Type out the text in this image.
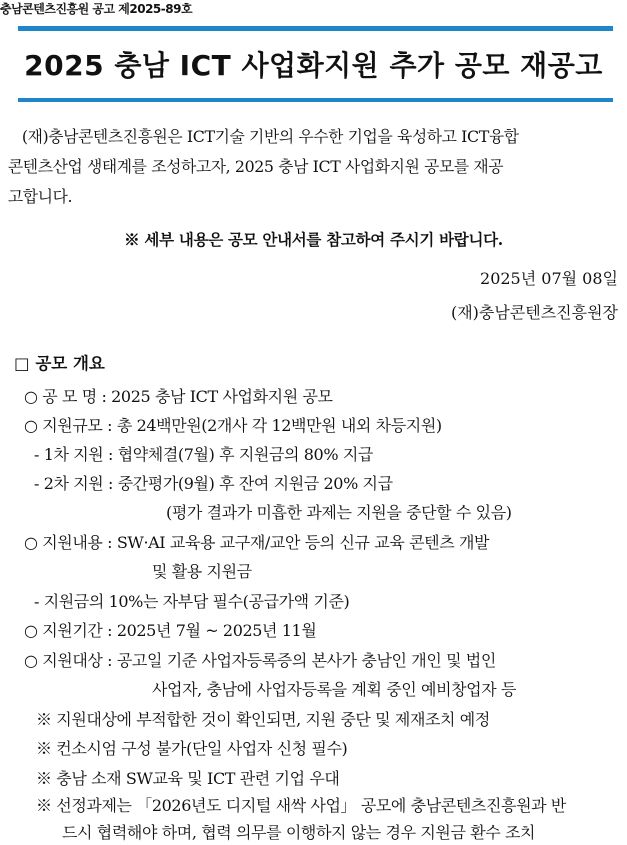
충남콘텐츠진흥원 공고 제2025-89호
2025 충남 ICT 사업화지원 추가 공모 재공고
(재)충남콘텐츠진흥원은 ICT기술 기반의 우수한 기업을 육성하고 ICT융합
콘텐츠산업 생태계를 조성하고자, 2025 충남 ICT 사업화지원 공모를 재공
고합니다.
※ 세부 내용은 공모 안내서를 참고하여 주시기 바랍니다.
2025년 07월 08일
(재)충남콘텐츠진흥원장
□ 공모 개요
○ 공 모 명 : 2025 충남 ICT 사업화지원 공모
○ 지원규모 : 총 24백만원(2개사 각 12백만원 내외 차등지원)
- 1차 지원 : 협약체결(7월) 후 지원금의 80% 지급
- 2차 지원 : 중간평가(9월) 후 잔여 지원금 20% 지급
(평가 결과가 미흡한 과제는 지원을 중단할 수 있음)
○ 지원내용 : SW·AI 교육용 교구재/교안 등의 신규 교육 콘텐츠 개발
및 활용 지원금
- 지원금의 10%는 자부담 필수(공급가액 기준)
○ 지원기간 : 2025년 7월 ~ 2025년 11월
○ 지원대상 : 공고일 기준 사업자등록증의 본사가 충남인 개인 및 법인
사업자, 충남에 사업자등록을 계획 중인 예비창업자 등
※ 지원대상에 부적합한 것이 확인되면, 지원 중단 및 제재조치 예정
※ 컨소시엄 구성 불가(단일 사업자 신청 필수)
※ 충남 소재 SW교육 및 ICT 관련 기업 우대
※ 선정과제는 「2026년도 디지털 새싹 사업」 공모에 충남콘텐츠진흥원과 반
드시 협력해야 하며, 협력 의무를 이행하지 않는 경우 지원금 환수 조치
